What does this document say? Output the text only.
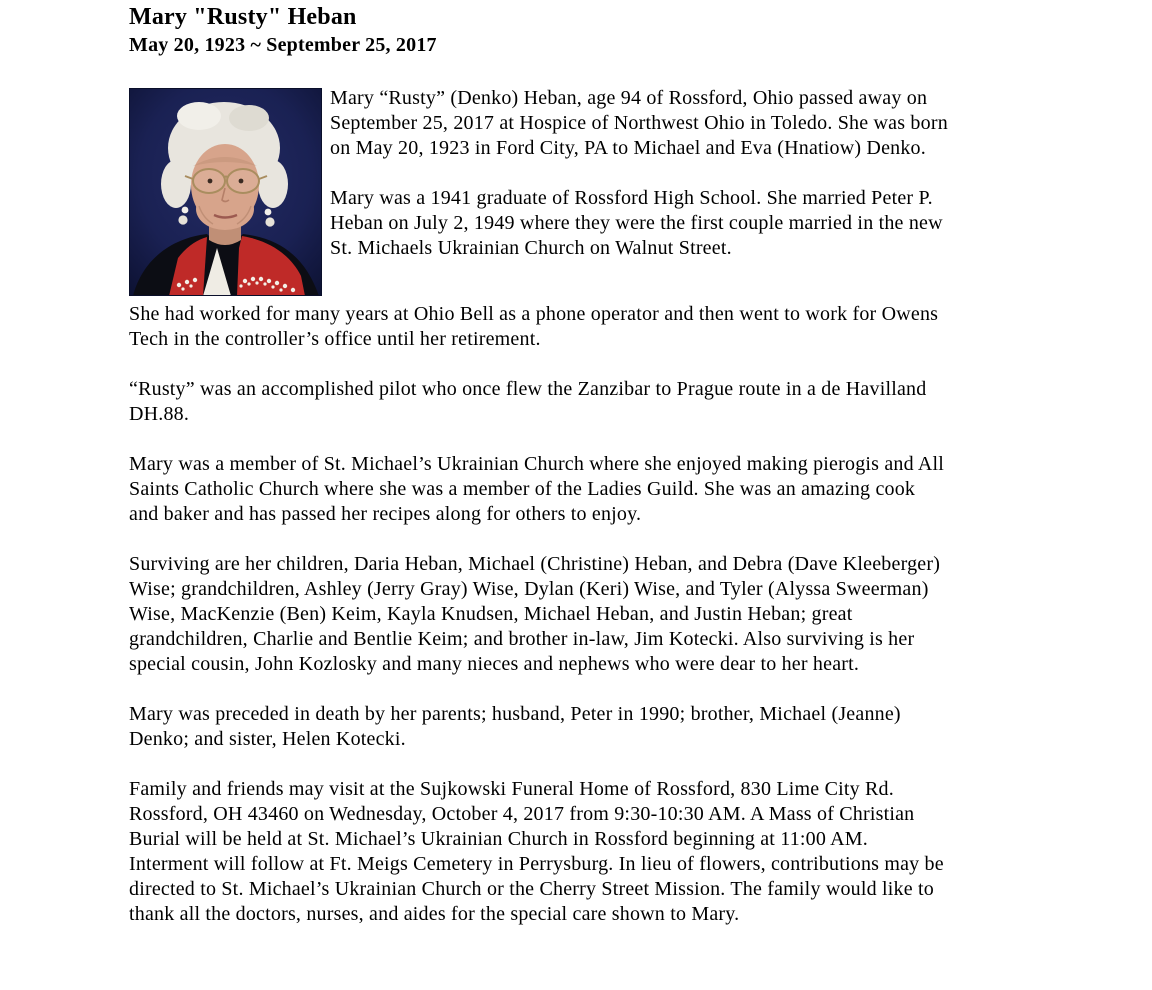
Mary "Rusty" Heban
May 20, 1923 ~ September 25, 2017

Mary “Rusty” (Denko) Heban, age 94 of Rossford, Ohio passed away on September 25, 2017 at Hospice of Northwest Ohio in Toledo. She was born on May 20, 1923 in Ford City, PA to Michael and Eva (Hnatiow) Denko.

Mary was a 1941 graduate of Rossford High School. She married Peter P. Heban on July 2, 1949 where they were the first couple married in the new St. Michaels Ukrainian Church on Walnut Street.

She had worked for many years at Ohio Bell as a phone operator and then went to work for Owens Tech in the controller’s office until her retirement.

“Rusty” was an accomplished pilot who once flew the Zanzibar to Prague route in a de Havilland DH.88.

Mary was a member of St. Michael’s Ukrainian Church where she enjoyed making pierogis and All Saints Catholic Church where she was a member of the Ladies Guild. She was an amazing cook and baker and has passed her recipes along for others to enjoy.

Surviving are her children, Daria Heban, Michael (Christine) Heban, and Debra (Dave Kleeberger) Wise; grandchildren, Ashley (Jerry Gray) Wise, Dylan (Keri) Wise, and Tyler (Alyssa Sweerman) Wise, MacKenzie (Ben) Keim, Kayla Knudsen, Michael Heban, and Justin Heban; great grandchildren, Charlie and Bentlie Keim; and brother in-law, Jim Kotecki. Also surviving is her special cousin, John Kozlosky and many nieces and nephews who were dear to her heart.

Mary was preceded in death by her parents; husband, Peter in 1990; brother, Michael (Jeanne) Denko; and sister, Helen Kotecki.

Family and friends may visit at the Sujkowski Funeral Home of Rossford, 830 Lime City Rd. Rossford, OH 43460 on Wednesday, October 4, 2017 from 9:30-10:30 AM. A Mass of Christian Burial will be held at St. Michael’s Ukrainian Church in Rossford beginning at 11:00 AM. Interment will follow at Ft. Meigs Cemetery in Perrysburg. In lieu of flowers, contributions may be directed to St. Michael’s Ukrainian Church or the Cherry Street Mission. The family would like to thank all the doctors, nurses, and aides for the special care shown to Mary.
